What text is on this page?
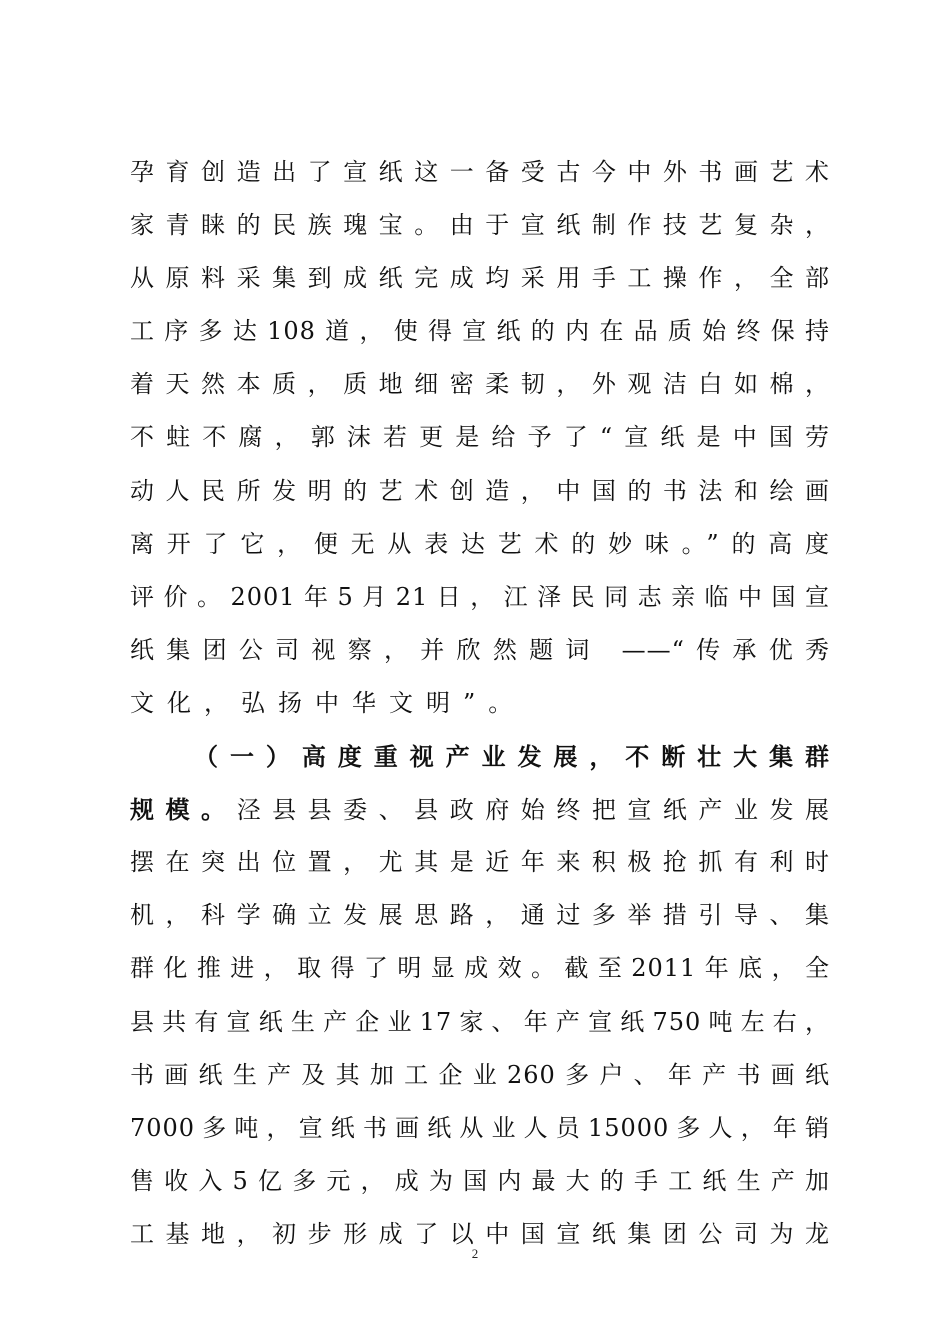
孕育创造出了宣纸这一备受古今中外书画艺术
家青睐的民族瑰宝。由于宣纸制作技艺复杂，
从原料采集到成纸完成均采用手工操作，全部
工序多达108道，使得宣纸的内在品质始终保持
着天然本质，质地细密柔韧，外观洁白如棉，
不蛀不腐，郭沫若更是给予了“宣纸是中国劳
动人民所发明的艺术创造，中国的书法和绘画
离开了它，便无从表达艺术的妙味。”的高度
评价。2001年5月21日，江泽民同志亲临中国宣
纸集团公司视察，并欣然题词 ——“传承优秀
文化，弘扬中华文明”。
（一）高度重视产业发展，不断壮大集群
规模。泾县县委、县政府始终把宣纸产业发展
摆在突出位置，尤其是近年来积极抢抓有利时
机，科学确立发展思路，通过多举措引导、集
群化推进，取得了明显成效。截至2011年底，全
县共有宣纸生产企业17家、年产宣纸750吨左右，
书画纸生产及其加工企业260多户、年产书画纸
7000多吨，宣纸书画纸从业人员15000多人，年销
售收入5亿多元，成为国内最大的手工纸生产加
工基地，初步形成了以中国宣纸集团公司为龙
2
